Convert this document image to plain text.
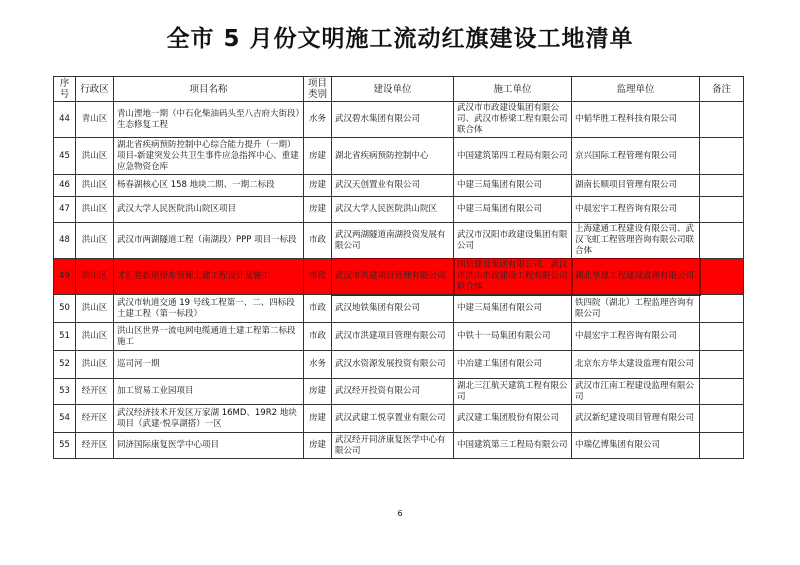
全市 5 月份文明施工流动红旗建设工地清单
序号	行政区	项目名称	项目类别	建设单位	施工单位	监理单位	备注
44	青山区	青山湮地一期（中石化柴油码头至八吉府大街段）生态修复工程	水务	武汉碧水集团有限公司	武汉市市政建设集团有限公司、武汉市桥梁工程有限公司联合体	中韬华胜工程科技有限公司	
45	洪山区	湖北省疾病预防控制中心综合能力提升（一期）项目-新建突发公共卫生事件应急指挥中心、重建应急物资仓库	房建	湖北省疾病预防控制中心	中国建筑第四工程局有限公司	京兴国际工程管理有限公司	
46	洪山区	杨春湖核心区 158 地块二期、一期二标段	房建	武汉天创置业有限公司	中建三局集团有限公司	湖南长顺项目管理有限公司	
47	洪山区	武汉大学人民医院洪山院区项目	房建	武汉大学人民医院洪山院区	中建三局集团有限公司	中晨宏宇工程咨询有限公司	
48	洪山区	武汉市两湖隧道工程（南湖段）PPP 项目一标段	市政	武汉两湖隧道南湖投资发展有限公司	武汉市汉阳市政建设集团有限公司	上海建通工程建设有限公司、武汉飞虹工程管理咨询有限公司联合体	
49	洪山区	才汇巷新屋停车管廊土建工程设计及施工	市政	武汉市洪建项目管理有限公司	国信建设集团有限公司、武汉市洪山市政建设工程有限公司联合体	湖北华晟工程建设监理有限公司	
50	洪山区	武汉市轨道交通 19 号线工程第一、二、四标段土建工程（第一标段）	市政	武汉地铁集团有限公司	中建三局集团有限公司	铁四院（湖北）工程监理咨询有限公司	
51	洪山区	洪山区世界一流电网电缆通道土建工程第二标段施工	市政	武汉市洪建项目管理有限公司	中铁十一局集团有限公司	中晨宏宇工程咨询有限公司	
52	洪山区	巡司河一期	水务	武汉水资源发展投资有限公司	中冶建工集团有限公司	北京东方华太建设监理有限公司	
53	经开区	加工贸易工业园项目	房建	武汉经开投资有限公司	湖北三江航天建筑工程有限公司	武汉市江南工程建设监理有限公司	
54	经开区	武汉经济技术开发区万家湖 16MD、19R2 地块项目（武建·悦享湖搭）一区	房建	武汉武建工悦享置业有限公司	武汉建工集团股份有限公司	武汉新纪建设项目管理有限公司	
55	经开区	同济国际康复医学中心项目	房建	武汉经开同济康复医学中心有限公司	中国建筑第三工程局有限公司	中瑞亿博集团有限公司	
6
